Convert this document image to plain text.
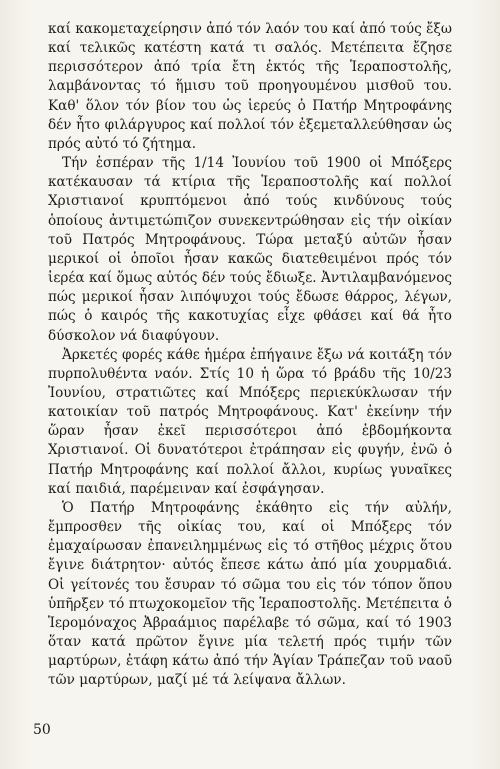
καί κακομεταχείρησιν ἀπό τόν λαόν του καί ἀπό τούς ἔξω καί τελικῶς κατέστη κατά τι σαλός. Μετέπειτα ἔζησε περισσότερον ἀπό τρία ἔτη ἐκτός τῆς Ἱεραποστολῆς, λαμβάνοντας τό ἥμισυ τοῦ προηγουμένου μισθοῦ του. Καθ' ὅλον τόν βίον του ὡς ἱερεύς ὁ Πατήρ Μητροφάνης δέν ἦτο φιλάργυρος καί πολλοί τόν ἐξεμεταλλεύθησαν ὡς πρός αὐτό τό ζήτημα.

Τήν ἑσπέραν τῆς 1/14 Ἰουνίου τοῦ 1900 οἱ Μπόξερς κατέκαυσαν τά κτίρια τῆς Ἱεραποστολῆς καί πολλοί Χριστιανοί κρυπτόμενοι ἀπό τούς κινδύνους τούς ὁποίους ἀντιμετώπιζον συνεκεντρώθησαν εἰς τήν οἰκίαν τοῦ Πατρός Μητροφάνους. Τώρα μεταξύ αὐτῶν ἦσαν μερικοί οἱ ὁποῖοι ἦσαν κακῶς διατεθειμένοι πρός τόν ἱερέα καί ὅμως αὐτός δέν τούς ἔδιωξε. Ἀντιλαμβανόμενος πώς μερικοί ἦσαν λιπόψυχοι τούς ἔδωσε θάρρος, λέγων, πώς ὁ καιρός τῆς κακοτυχίας εἶχε φθάσει καί θά ἦτο δύσκολον νά διαφύγουν.

Ἀρκετές φορές κάθε ἡμέρα ἐπήγαινε ἔξω νά κοιτάξη τόν πυρπολυθέντα ναόν. Στίς 10 ἡ ὥρα τό βράδυ τῆς 10/23 Ἰουνίου, στρατιῶτες καί Μπόξερς περιεκύκλωσαν τήν κατοικίαν τοῦ πατρός Μητροφάνους. Κατ' ἐκείνην τήν ὥραν ἦσαν ἐκεῖ περισσότεροι ἀπό ἑβδομήκοντα Χριστιανοί. Οἱ δυνατότεροι ἐτράπησαν εἰς φυγήν, ἐνῶ ὁ Πατήρ Μητροφάνης καί πολλοί ἄλλοι, κυρίως γυναῖκες καί παιδιά, παρέμειναν καί ἐσφάγησαν.

Ὁ Πατήρ Μητροφάνης ἐκάθητο εἰς τήν αὐλήν, ἔμπροσθεν τῆς οἰκίας του, καί οἱ Μπόξερς τόν ἐμαχαίρωσαν ἐπανειλημμένως εἰς τό στῆθος μέχρις ὅτου ἔγινε διάτρητον· αὐτός ἔπεσε κάτω ἀπό μία χουρμαδιά. Οἱ γείτονές του ἔσυραν τό σῶμα του εἰς τόν τόπον ὅπου ὑπῆρξεν τό πτωχοκομεῖον τῆς Ἱεραποστολῆς. Μετέπειτα ὁ Ἱερομόναχος Ἀβραάμιος παρέλαβε τό σῶμα, καί τό 1903 ὅταν κατά πρῶτον ἔγινε μία τελετή πρός τιμήν τῶν μαρτύρων, ἐτάφη κάτω ἀπό τήν Ἁγίαν Τράπεζαν τοῦ ναοῦ τῶν μαρτύρων, μαζί μέ τά λείψανα ἄλλων.

50
